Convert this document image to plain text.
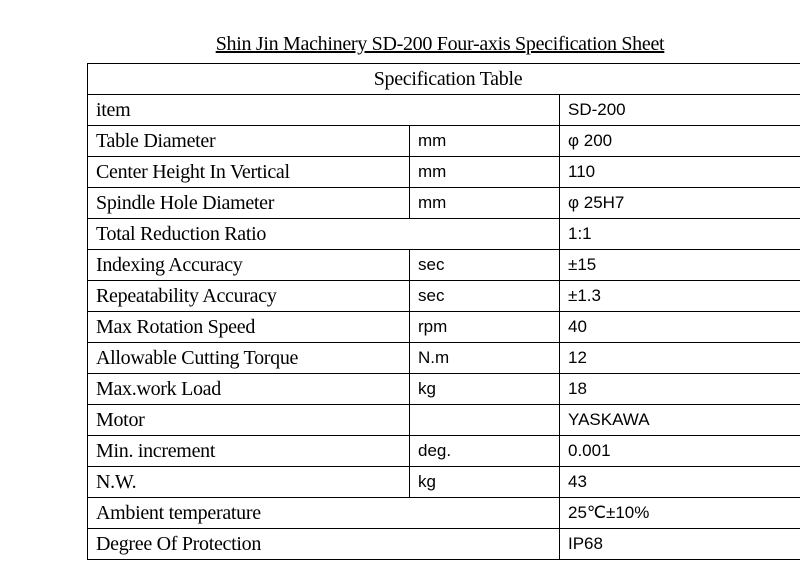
Shin Jin Machinery SD-200 Four-axis Specification Sheet
Specification Table		
item		SD-200
Table Diameter	mm	φ 200
Center Height In Vertical	mm	110
Spindle Hole Diameter	mm	φ 25H7
Total Reduction Ratio		1:1
Indexing Accuracy	sec	±15
Repeatability Accuracy	sec	±1.3
Max Rotation Speed	rpm	40
Allowable Cutting Torque	N.m	12
Max.work Load	kg	18
Motor		YASKAWA
Min. increment	deg.	0.001
N.W.	kg	43
Ambient temperature		25℃±10%
Degree Of Protection		IP68
